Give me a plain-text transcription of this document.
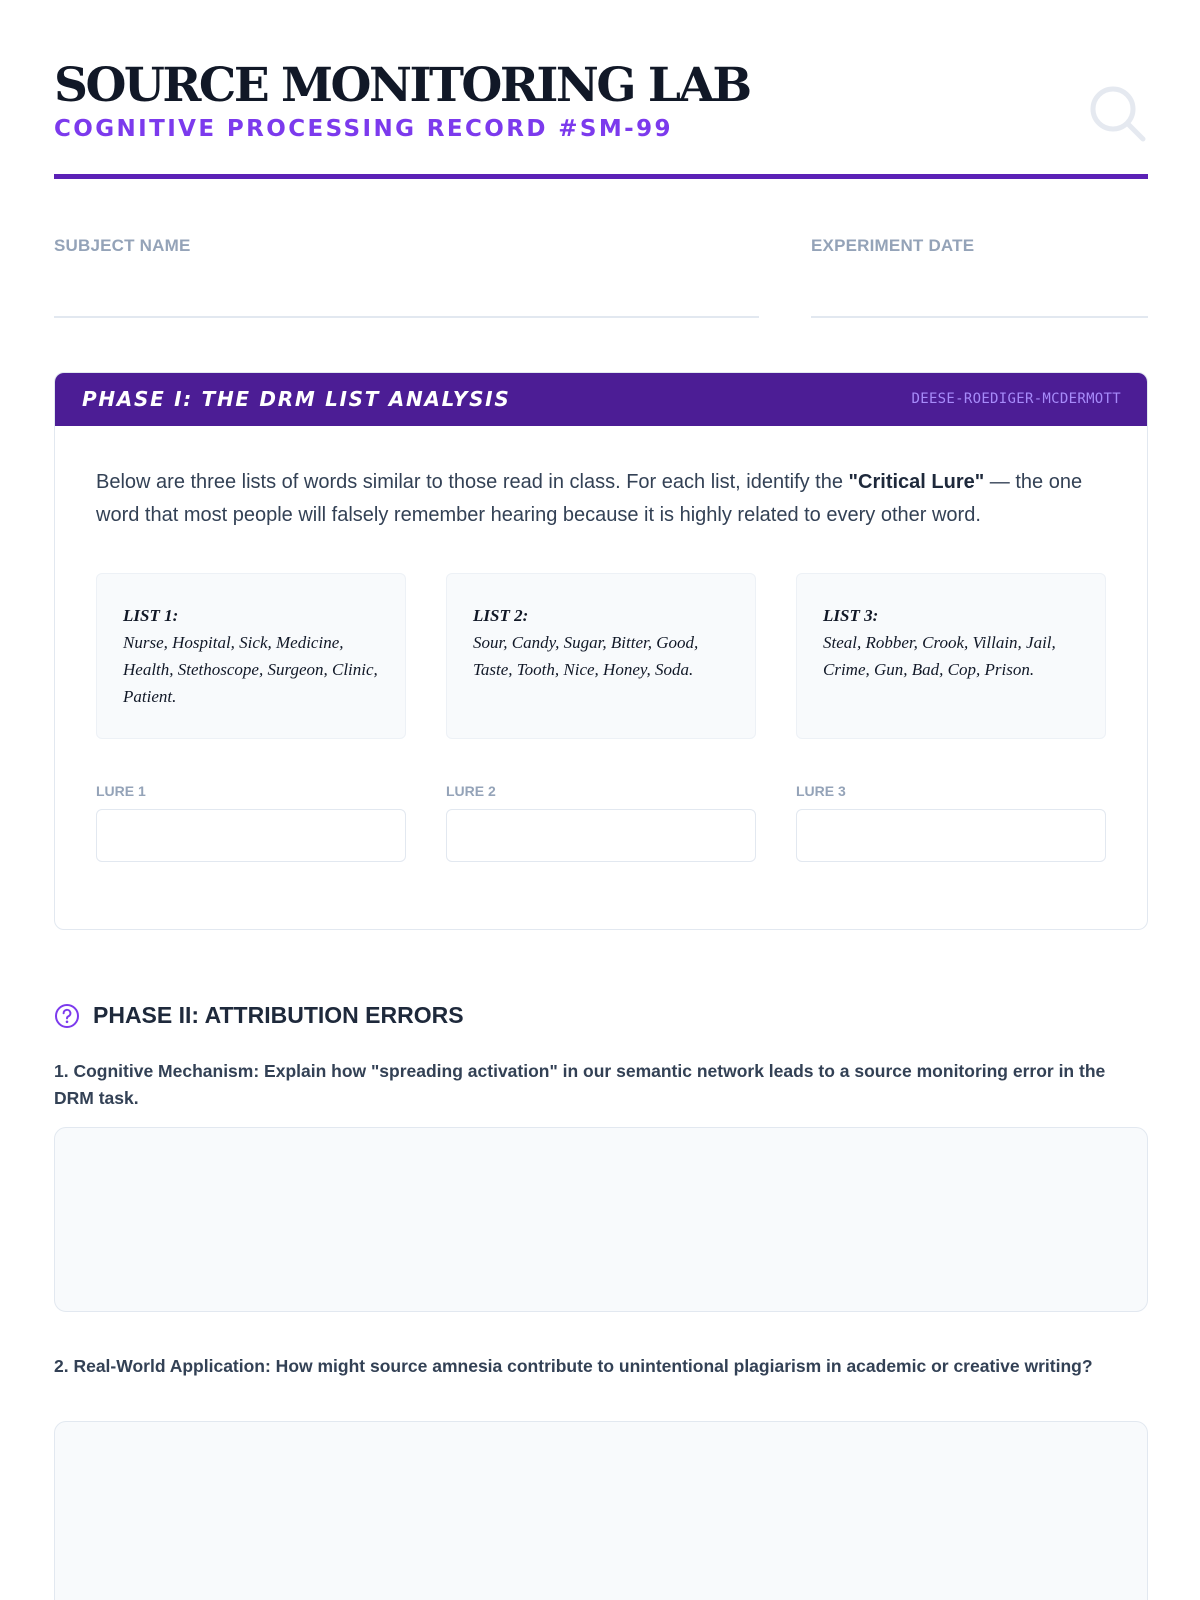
SOURCE MONITORING LAB
COGNITIVE PROCESSING RECORD #SM-99
SUBJECT NAME	EXPERIMENT DATE
PHASE I: THE DRM LIST ANALYSIS	DEESE-ROEDIGER-MCDERMOTT

Below are three lists of words similar to those read in class. For each list, identify the "Critical Lure" — the one word that most people will falsely remember hearing because it is highly related to every other word.

LIST 1:
Nurse, Hospital, Sick, Medicine, Health, Stethoscope, Surgeon, Clinic, Patient.
LIST 2:
Sour, Candy, Sugar, Bitter, Good, Taste, Tooth, Nice, Honey, Soda.
LIST 3:
Steal, Robber, Crook, Villain, Jail, Crime, Gun, Bad, Cop, Prison.
LURE 1	LURE 2	LURE 3
PHASE II: ATTRIBUTION ERRORS
1. Cognitive Mechanism: Explain how "spreading activation" in our semantic network leads to a source monitoring error in the DRM task.
2. Real-World Application: How might source amnesia contribute to unintentional plagiarism in academic or creative writing?
